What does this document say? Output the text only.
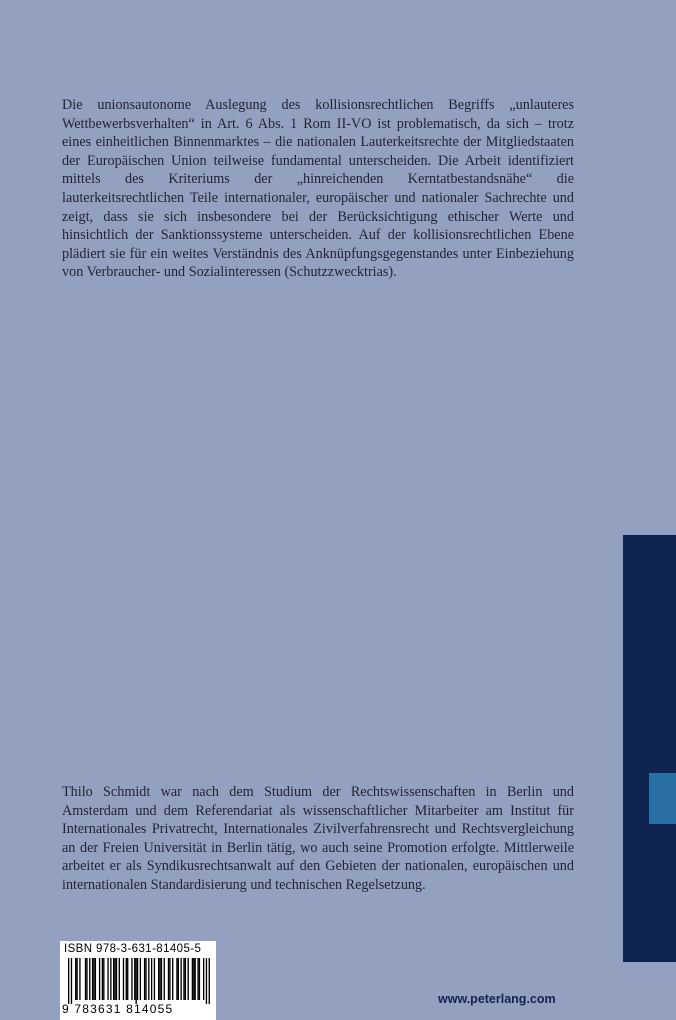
Die unionsautonome Auslegung des kollisionsrechtlichen Begriffs „unlauteres Wettbewerbsverhalten“ in Art. 6 Abs. 1 Rom II-VO ist problematisch, da sich – trotz eines einheitlichen Binnenmarktes – die nationalen Lauterkeitsrechte der Mitgliedstaaten der Europäischen Union teilweise fundamental unterscheiden. Die Arbeit identifiziert mittels des Kriteriums der „hinreichenden Kerntatbestandsnähe“ die lauterkeitsrechtlichen Teile internationaler, europäischer und nationaler Sachrechte und zeigt, dass sie sich insbesondere bei der Berücksichtigung ethischer Werte und hinsichtlich der Sanktionssysteme unterscheiden. Auf der kollisionsrechtlichen Ebene plädiert sie für ein weites Verständnis des Anknüpfungsgegenstandes unter Einbeziehung von Verbraucher- und Sozialinteressen (Schutzzwecktrias).

Thilo Schmidt war nach dem Studium der Rechtswissenschaften in Berlin und Amsterdam und dem Referendariat als wissenschaftlicher Mitarbeiter am Institut für Internationales Privatrecht, Internationales Zivilverfahrensrecht und Rechtsvergleichung an der Freien Universität in Berlin tätig, wo auch seine Promotion erfolgte. Mittlerweile arbeitet er als Syndikusrechtsanwalt auf den Gebieten der nationalen, europäischen und internationalen Standardisierung und technischen Regelsetzung.

ISBN 978-3-631-81405-5
9 783631 814055
www.peterlang.com
